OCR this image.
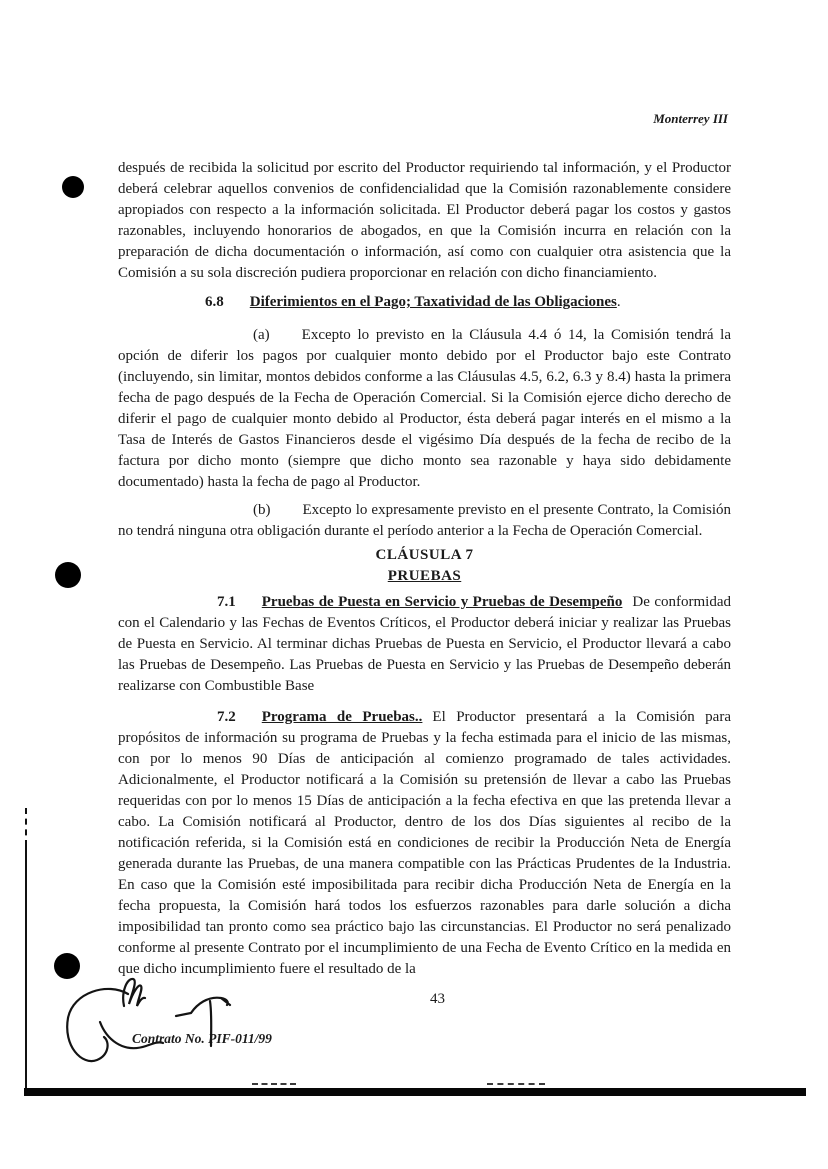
Monterrey III

después de recibida la solicitud por escrito del Productor requiriendo tal información, y el Productor deberá celebrar aquellos convenios de confidencialidad que la Comisión razonablemente considere apropiados con respecto a la información solicitada. El Productor deberá pagar los costos y gastos razonables, incluyendo honorarios de abogados, en que la Comisión incurra en relación con la preparación de dicha documentación o información, así como con cualquier otra asistencia que la Comisión a su sola discreción pudiera proporcionar en relación con dicho financiamiento.

6.8 Diferimientos en el Pago; Taxatividad de las Obligaciones.

(a) Excepto lo previsto en la Cláusula 4.4 ó 14, la Comisión tendrá la opción de diferir los pagos por cualquier monto debido por el Productor bajo este Contrato (incluyendo, sin limitar, montos debidos conforme a las Cláusulas 4.5, 6.2, 6.3 y 8.4) hasta la primera fecha de pago después de la Fecha de Operación Comercial. Si la Comisión ejerce dicho derecho de diferir el pago de cualquier monto debido al Productor, ésta deberá pagar interés en el mismo a la Tasa de Interés de Gastos Financieros desde el vigésimo Día después de la fecha de recibo de la factura por dicho monto (siempre que dicho monto sea razonable y haya sido debidamente documentado) hasta la fecha de pago al Productor.

(b) Excepto lo expresamente previsto en el presente Contrato, la Comisión no tendrá ninguna otra obligación durante el período anterior a la Fecha de Operación Comercial.

CLÁUSULA 7
PRUEBAS

7.1 Pruebas de Puesta en Servicio y Pruebas de Desempeño De conformidad con el Calendario y las Fechas de Eventos Críticos, el Productor deberá iniciar y realizar las Pruebas de Puesta en Servicio. Al terminar dichas Pruebas de Puesta en Servicio, el Productor llevará a cabo las Pruebas de Desempeño. Las Pruebas de Puesta en Servicio y las Pruebas de Desempeño deberán realizarse con Combustible Base

7.2 Programa de Pruebas.. El Productor presentará a la Comisión para propósitos de información su programa de Pruebas y la fecha estimada para el inicio de las mismas, con por lo menos 90 Días de anticipación al comienzo programado de tales actividades. Adicionalmente, el Productor notificará a la Comisión su pretensión de llevar a cabo las Pruebas requeridas con por lo menos 15 Días de anticipación a la fecha efectiva en que las pretenda llevar a cabo. La Comisión notificará al Productor, dentro de los dos Días siguientes al recibo de la notificación referida, si la Comisión está en condiciones de recibir la Producción Neta de Energía generada durante las Pruebas, de una manera compatible con las Prácticas Prudentes de la Industria. En caso que la Comisión esté imposibilitada para recibir dicha Producción Neta de Energía en la fecha propuesta, la Comisión hará todos los esfuerzos razonables para darle solución a dicha imposibilidad tan pronto como sea práctico bajo las circunstancias. El Productor no será penalizado conforme al presente Contrato por el incumplimiento de una Fecha de Evento Crítico en la medida en que dicho incumplimiento fuere el resultado de la

43
Contrato No. PIF-011/99
